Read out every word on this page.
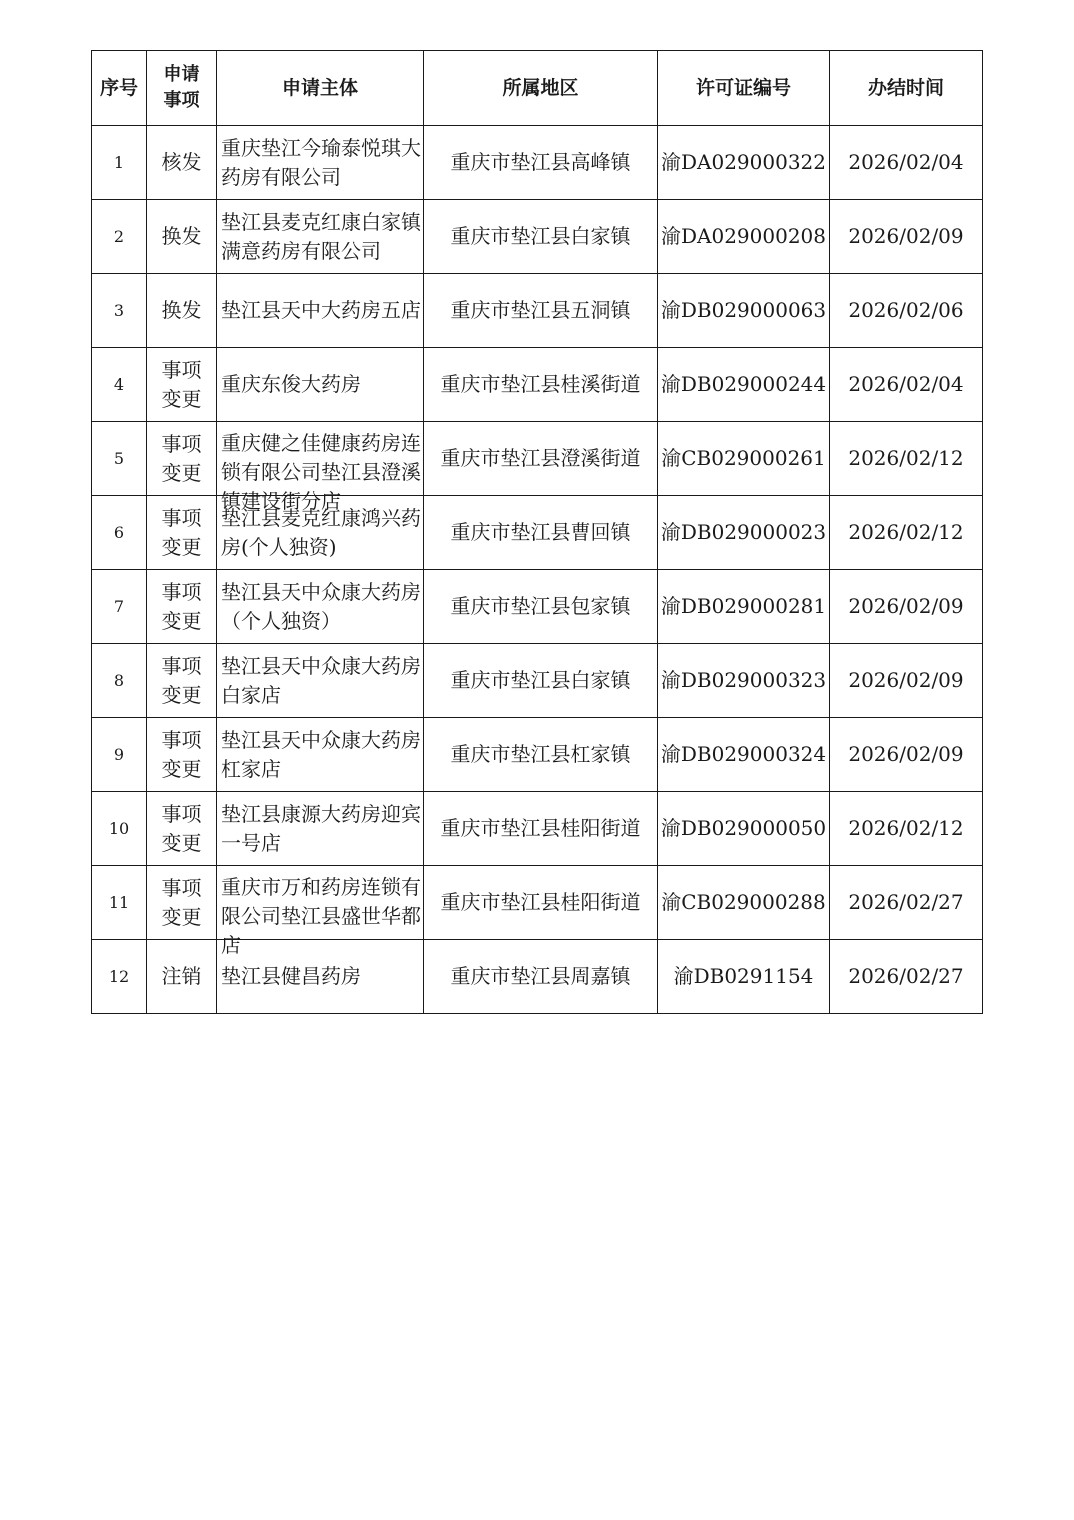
序号	申请事项	申请主体	所属地区	许可证编号	办结时间
1	核发	重庆垫江今瑜泰悦琪大药房有限公司	重庆市垫江县高峰镇	渝DA029000322	2026/02/04
2	换发	垫江县麦克红康白家镇满意药房有限公司	重庆市垫江县白家镇	渝DA029000208	2026/02/09
3	换发	垫江县天中大药房五店	重庆市垫江县五洞镇	渝DB029000063	2026/02/06
4	事项变更	重庆东俊大药房	重庆市垫江县桂溪街道	渝DB029000244	2026/02/04
5	事项变更	重庆健之佳健康药房连锁有限公司垫江县澄溪镇建设街分店	重庆市垫江县澄溪街道	渝CB029000261	2026/02/12
6	事项变更	垫江县麦克红康鸿兴药房(个人独资)	重庆市垫江县曹回镇	渝DB029000023	2026/02/12
7	事项变更	垫江县天中众康大药房（个人独资）	重庆市垫江县包家镇	渝DB029000281	2026/02/09
8	事项变更	垫江县天中众康大药房白家店	重庆市垫江县白家镇	渝DB029000323	2026/02/09
9	事项变更	垫江县天中众康大药房杠家店	重庆市垫江县杠家镇	渝DB029000324	2026/02/09
10	事项变更	垫江县康源大药房迎宾一号店	重庆市垫江县桂阳街道	渝DB029000050	2026/02/12
11	事项变更	重庆市万和药房连锁有限公司垫江县盛世华都店	重庆市垫江县桂阳街道	渝CB029000288	2026/02/27
12	注销	垫江县健昌药房	重庆市垫江县周嘉镇	渝DB0291154	2026/02/27
